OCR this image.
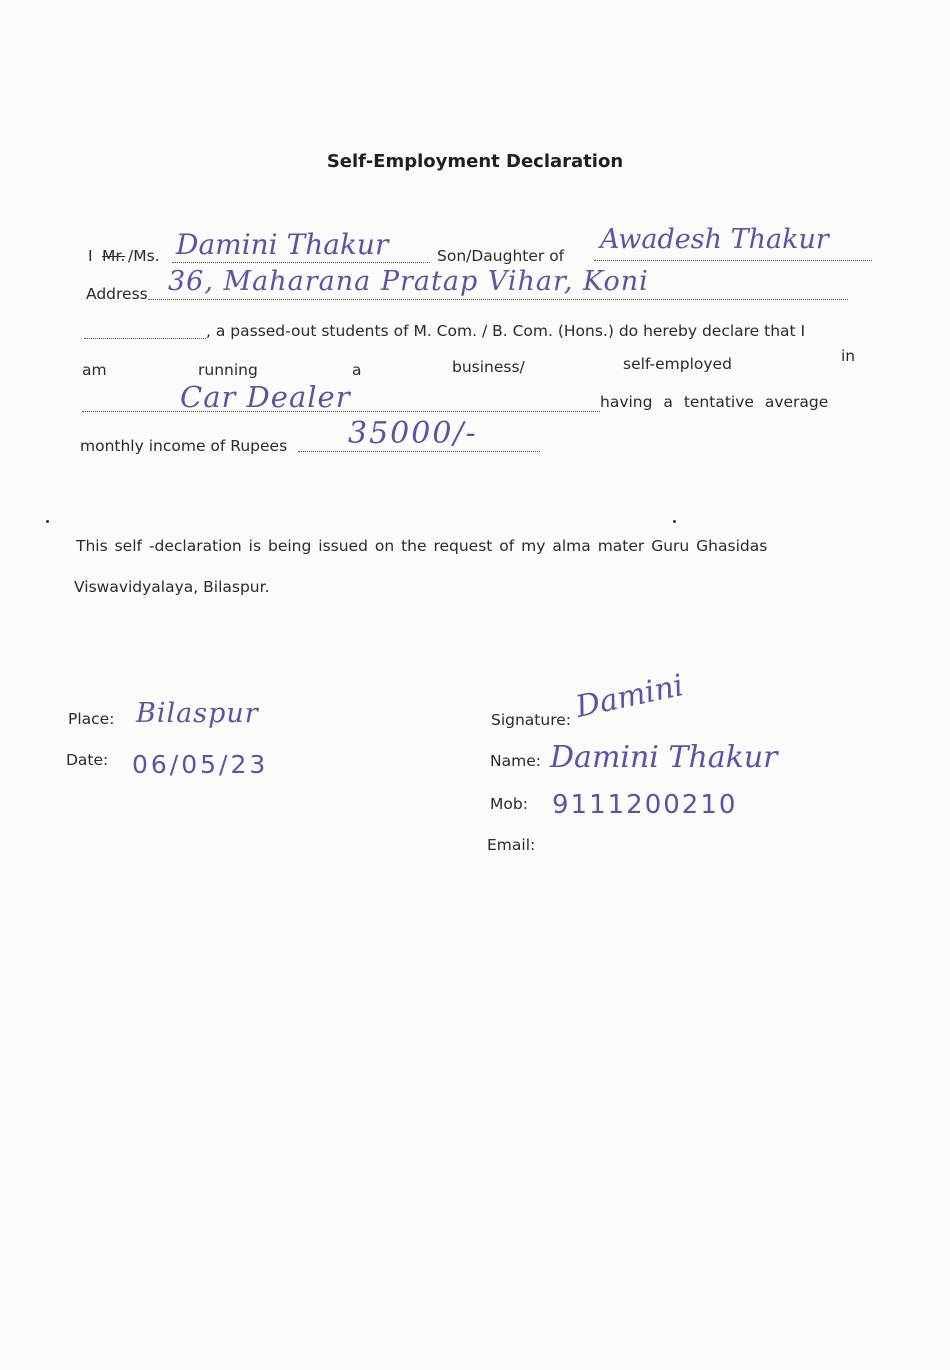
Self-Employment Declaration
I Mr. /Ms. Damini Thakur	Son/Daughter of
Awadesh Thakur
Address 36, Maharana Pratap Vihar, Koni
, a passed-out students of M. Com. / B. Com. (Hons.) do hereby declare that I
am	running	a	business/	self-employed	in
Car Dealer	having a tentative average
monthly income of Rupees 35000/-
This self -declaration is being issued on the request of my alma mater Guru Ghasidas
Viswavidyalaya, Bilaspur.
Place: Bilaspur
Date: 06/05/23
Signature: Damini
Name: Damini Thakur
Mob: 9111200210
Email:
